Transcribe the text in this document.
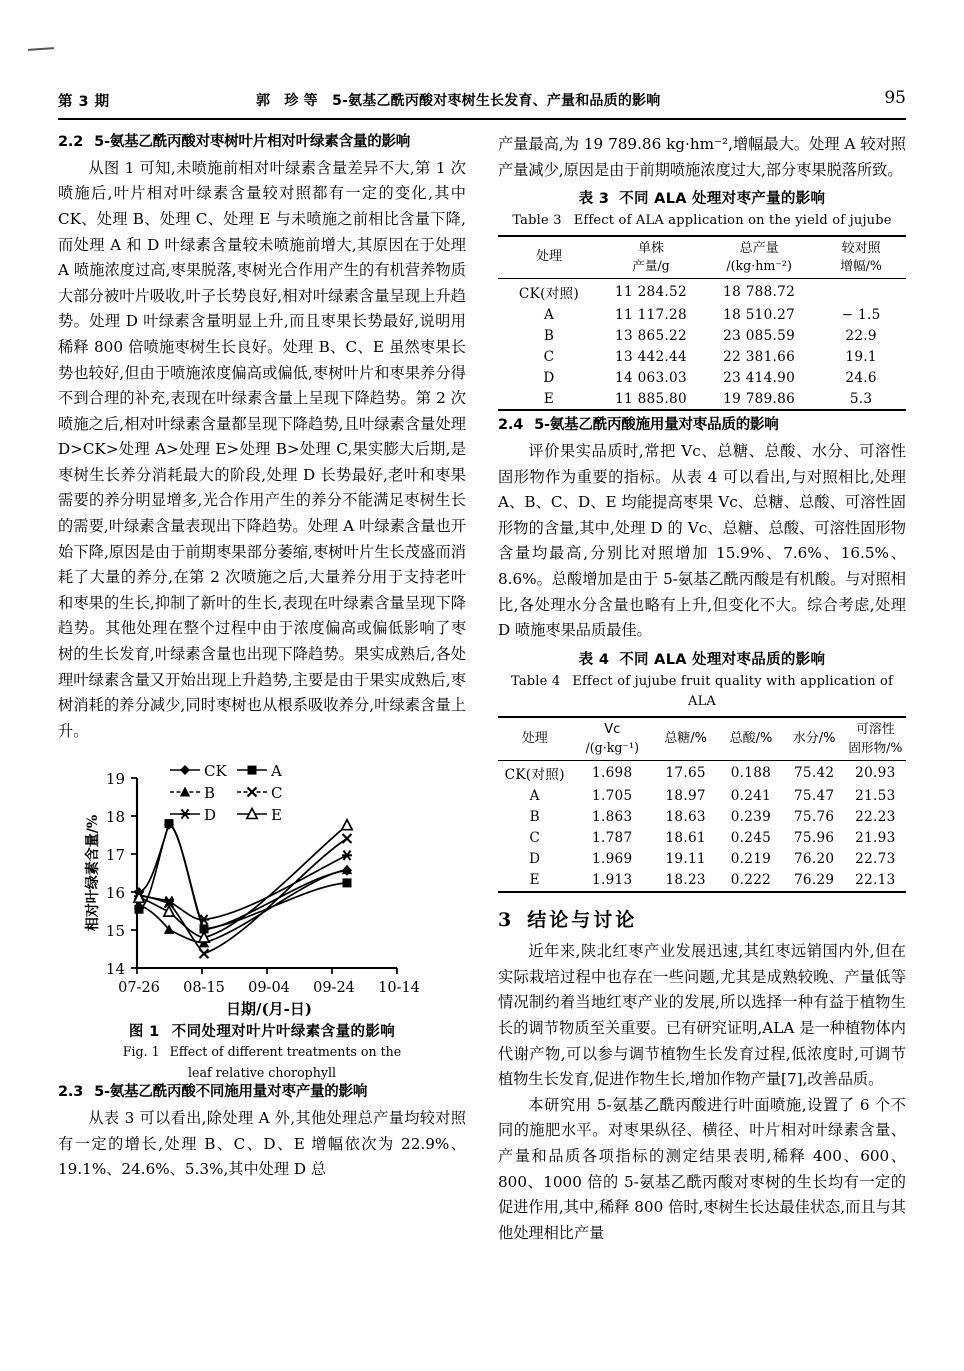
第 3 期	郭　珍 等　5-氨基乙酰丙酸对枣树生长发育、产量和品质的影响	95
2.2 5-氨基乙酰丙酸对枣树叶片相对叶绿素含量的影响

从图 1 可知,未喷施前相对叶绿素含量差异不大,第 1 次喷施后,叶片相对叶绿素含量较对照都有一定的变化,其中 CK、处理 B、处理 C、处理 E 与未喷施之前相比含量下降,而处理 A 和 D 叶绿素含量较未喷施前增大,其原因在于处理 A 喷施浓度过高,枣果脱落,枣树光合作用产生的有机营养物质大部分被叶片吸收,叶子长势良好,相对叶绿素含量呈现上升趋势。处理 D 叶绿素含量明显上升,而且枣果长势最好,说明用稀释 800 倍喷施枣树生长良好。处理 B、C、E 虽然枣果长势也较好,但由于喷施浓度偏高或偏低,枣树叶片和枣果养分得不到合理的补充,表现在叶绿素含量上呈现下降趋势。第 2 次喷施之后,相对叶绿素含量都呈现下降趋势,且叶绿素含量处理 D>CK>处理 A>处理 E>处理 B>处理 C,果实膨大后期,是枣树生长养分消耗最大的阶段,处理 D 长势最好,老叶和枣果需要的养分明显增多,光合作用产生的养分不能满足枣树生长的需要,叶绿素含量表现出下降趋势。处理 A 叶绿素含量也开始下降,原因是由于前期枣果部分萎缩,枣树叶片生长茂盛而消耗了大量的养分,在第 2 次喷施之后,大量养分用于支持老叶和枣果的生长,抑制了新叶的生长,表现在叶绿素含量呈现下降趋势。其他处理在整个过程中由于浓度偏高或偏低影响了枣树的生长发育,叶绿素含量也出现下降趋势。果实成熟后,各处理叶绿素含量又开始出现上升趋势,主要是由于果实成熟后,枣树消耗的养分减少,同时枣树也从根系吸收养分,叶绿素含量上升。

19
18
17
16
15
14
07-26 08-15 09-04 09-24 10-14
日期/(月-日)
相对叶绿素含量/%
CK	A
B	C
D	E
图 1 不同处理对叶片叶绿素含量的影响
Fig. 1 Effect of different treatments on the
leaf relative chorophyll
2.3 5-氨基乙酰丙酸不同施用量对枣产量的影响

从表 3 可以看出,除处理 A 外,其他处理总产量均较对照有一定的增长,处理 B、C、D、E 增幅依次为 22.9%、19.1%、24.6%、5.3%,其中处理 D 总

产量最高,为 19 789.86 kg·hm⁻²,增幅最大。处理 A 较对照产量减少,原因是由于前期喷施浓度过大,部分枣果脱落所致。

表 3 不同 ALA 处理对枣产量的影响
Table 3 Effect of ALA application on the yield of jujube
处理	单株
产量/g	总产量
/(kg·hm⁻²)	较对照
增幅/%

CK(对照)	11 284.52	18 788.72	
A	11 117.28	18 510.27	− 1.5
B	13 865.22	23 085.59	22.9
C	13 442.44	22 381.66	19.1
D	14 063.03	23 414.90	24.6
E	11 885.80	19 789.86	5.3
2.4 5-氨基乙酰丙酸施用量对枣品质的影响

评价果实品质时,常把 Vc、总糖、总酸、水分、可溶性固形物作为重要的指标。从表 4 可以看出,与对照相比,处理 A、B、C、D、E 均能提高枣果 Vc、总糖、总酸、可溶性固形物的含量,其中,处理 D 的 Vc、总糖、总酸、可溶性固形物含量均最高,分别比对照增加 15.9%、7.6%、16.5%、8.6%。总酸增加是由于 5-氨基乙酰丙酸是有机酸。与对照相比,各处理水分含量也略有上升,但变化不大。综合考虑,处理 D 喷施枣果品质最佳。

表 4 不同 ALA 处理对枣品质的影响
Table 4 Effect of jujube fruit quality with application of ALA
处理	Vc
/(g·kg⁻¹)	总糖/%	总酸/%	水分/%	可溶性
固形物/%

CK(对照)	1.698	17.65	0.188	75.42	20.93
A	1.705	18.97	0.241	75.47	21.53
B	1.863	18.63	0.239	75.76	22.23
C	1.787	18.61	0.245	75.96	21.93
D	1.969	19.11	0.219	76.20	22.73
E	1.913	18.23	0.222	76.29	22.13
3 结论与讨论

近年来,陕北红枣产业发展迅速,其红枣远销国内外,但在实际栽培过程中也存在一些问题,尤其是成熟较晚、产量低等情况制约着当地红枣产业的发展,所以选择一种有益于植物生长的调节物质至关重要。已有研究证明,ALA 是一种植物体内代谢产物,可以参与调节植物生长发育过程,低浓度时,可调节植物生长发育,促进作物生长,增加作物产量[7],改善品质。

本研究用 5-氨基乙酰丙酸进行叶面喷施,设置了 6 个不同的施肥水平。对枣果纵径、横径、叶片相对叶绿素含量、产量和品质各项指标的测定结果表明,稀释 400、600、800、1000 倍的 5-氨基乙酰丙酸对枣树的生长均有一定的促进作用,其中,稀释 800 倍时,枣树生长达最佳状态,而且与其他处理相比产量
